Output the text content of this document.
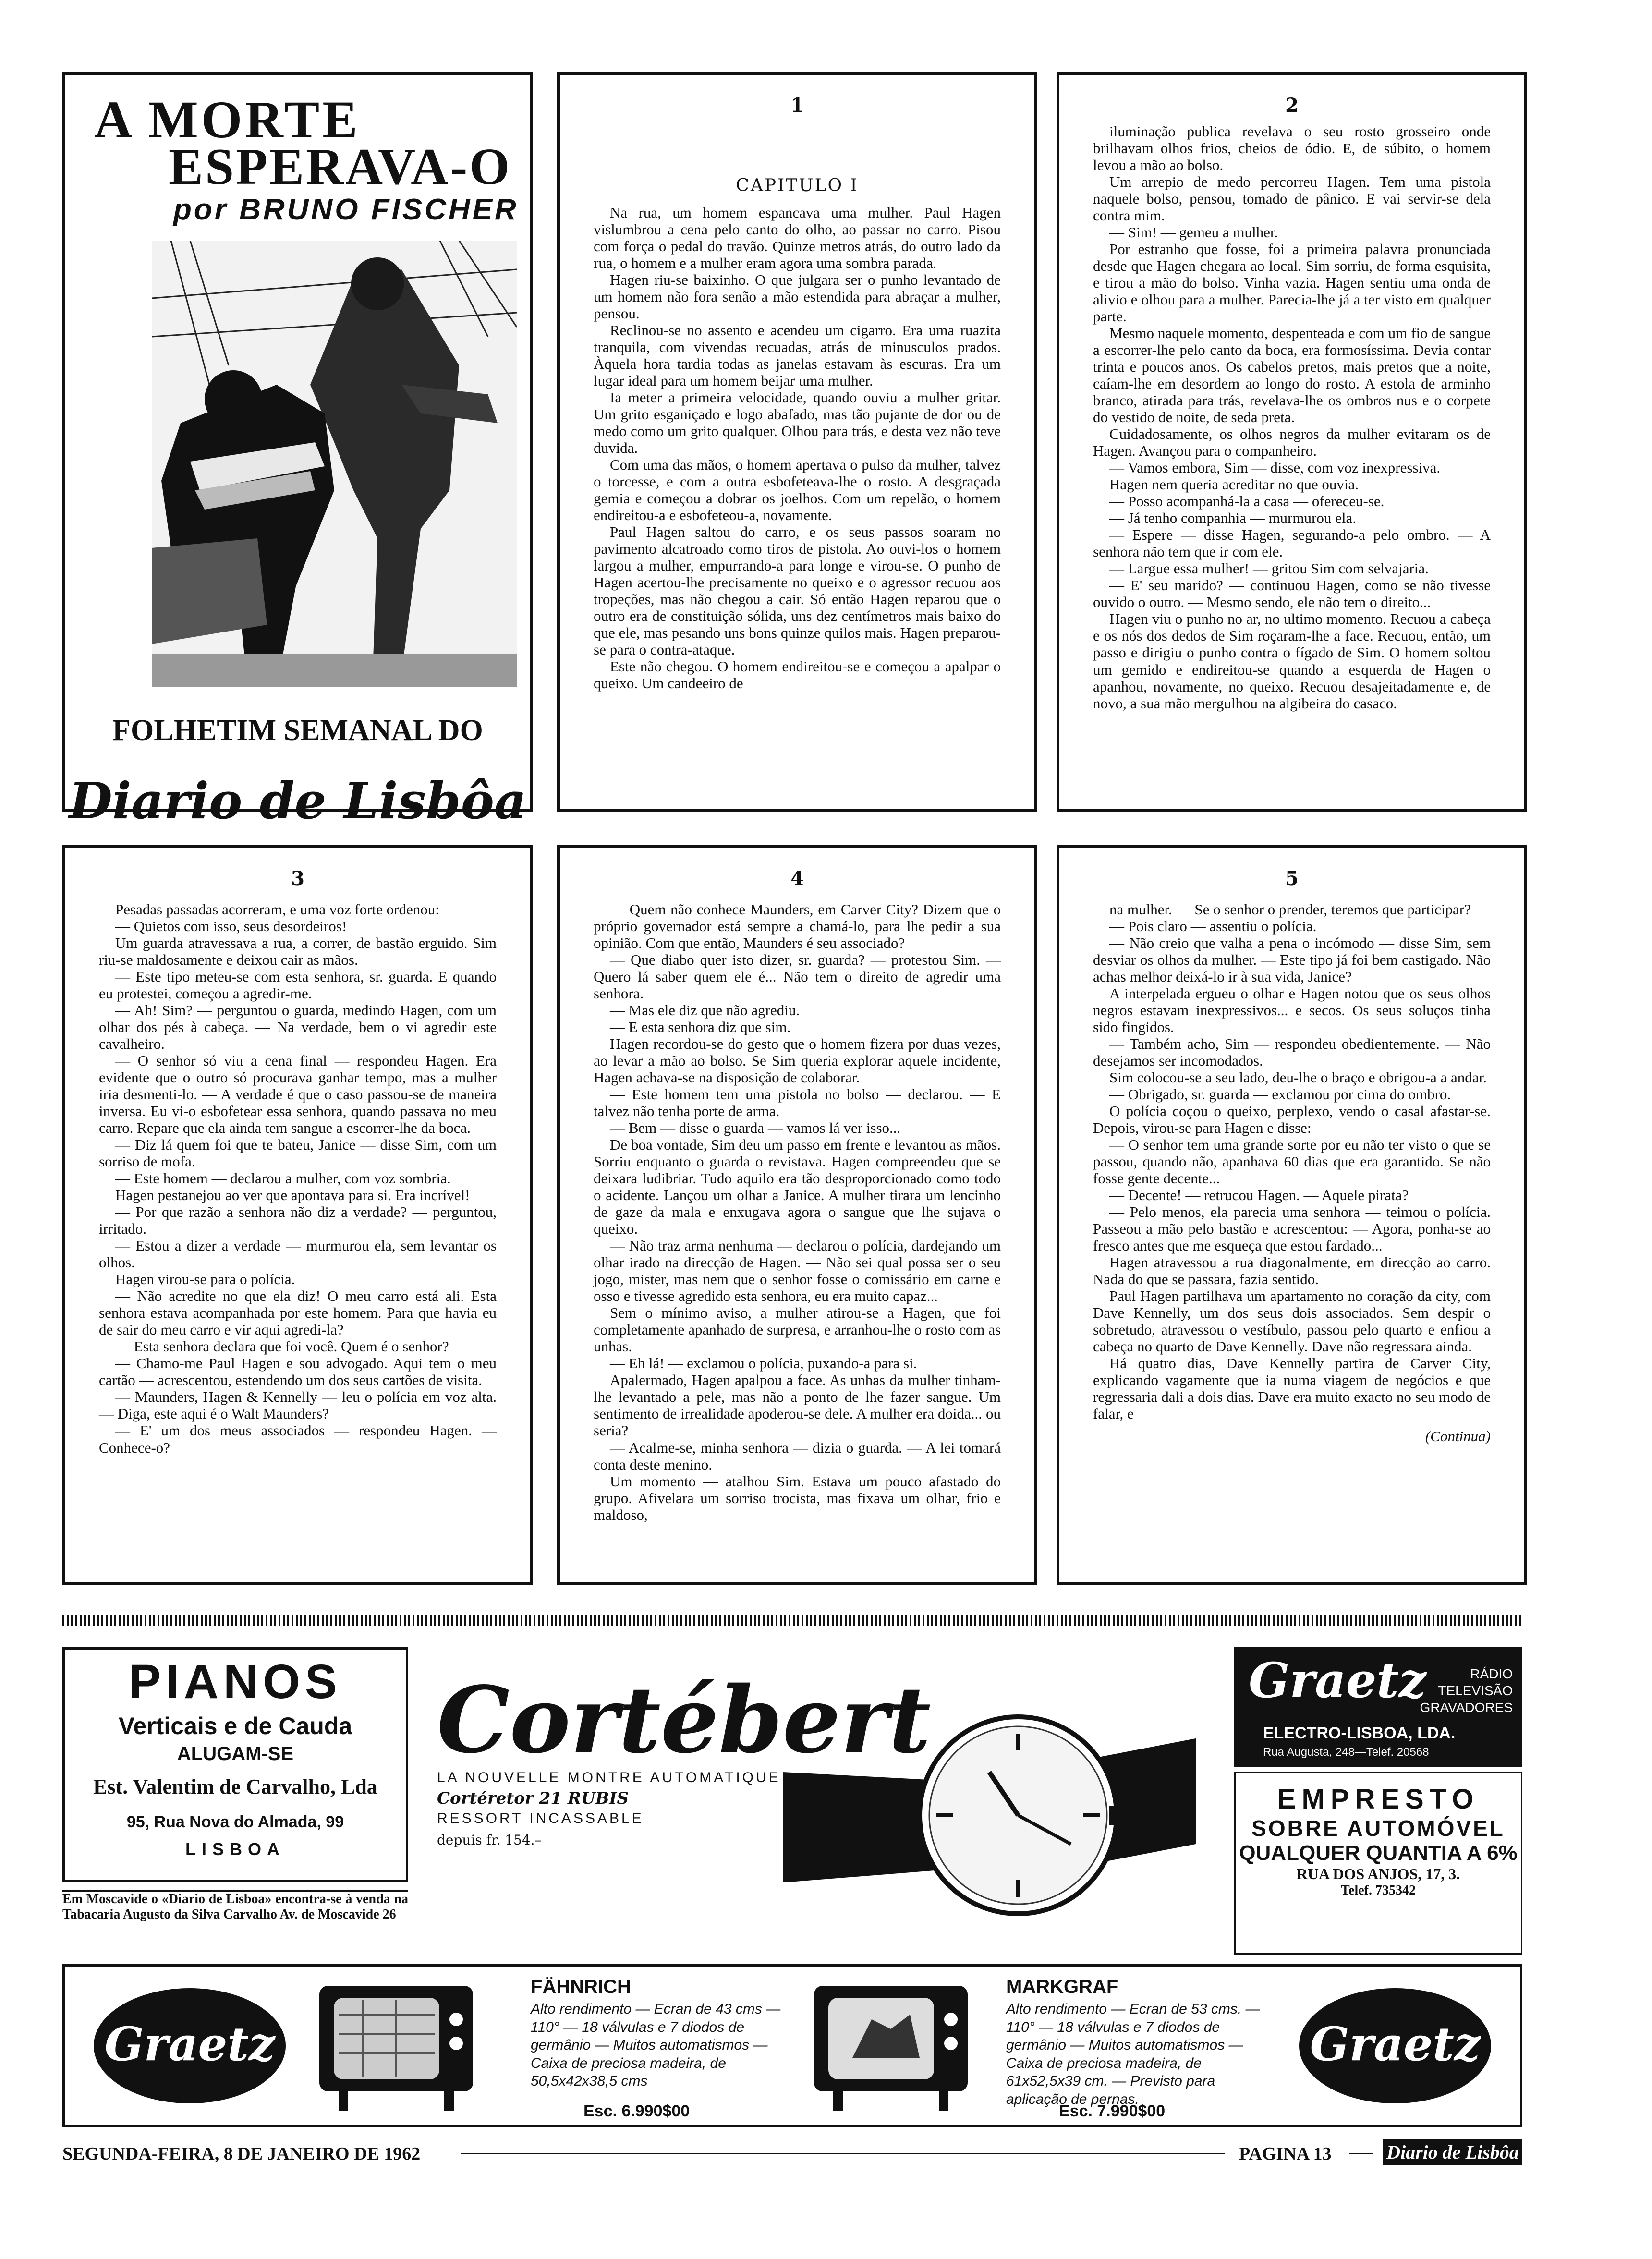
A MORTE
ESPERAVA-O
por BRUNO FISCHER
FOLHETIM SEMANAL DO
Diario de Lisbôa
1
CAPITULO I

Na rua, um homem espancava uma mulher. Paul Hagen vislumbrou a cena pelo canto do olho, ao passar no carro. Pisou com força o pedal do travão. Quinze metros atrás, do outro lado da rua, o homem e a mulher eram agora uma sombra parada.

Hagen riu-se baixinho. O que julgara ser o punho levantado de um homem não fora senão a mão estendida para abraçar a mulher, pensou.

Reclinou-se no assento e acendeu um cigarro. Era uma ruazita tranquila, com vivendas recuadas, atrás de minusculos prados. Àquela hora tardia todas as janelas estavam às escuras. Era um lugar ideal para um homem beijar uma mulher.

Ia meter a primeira velocidade, quando ouviu a mulher gritar. Um grito esganiçado e logo abafado, mas tão pujante de dor ou de medo como um grito qualquer. Olhou para trás, e desta vez não teve duvida.

Com uma das mãos, o homem apertava o pulso da mulher, talvez o torcesse, e com a outra esbofeteava-lhe o rosto. A desgraçada gemia e começou a dobrar os joelhos. Com um repelão, o homem endireitou-a e esbofeteou-a, novamente.

Paul Hagen saltou do carro, e os seus passos soaram no pavimento alcatroado como tiros de pistola. Ao ouvi-los o homem largou a mulher, empurrando-a para longe e virou-se. O punho de Hagen acertou-lhe precisamente no queixo e o agressor recuou aos tropeções, mas não chegou a cair. Só então Hagen reparou que o outro era de constituição sólida, uns dez centímetros mais baixo do que ele, mas pesando uns bons quinze quilos mais. Hagen preparou-se para o contra-ataque.

Este não chegou. O homem endireitou-se e começou a apalpar o queixo. Um candeeiro de

2

iluminação publica revelava o seu rosto grosseiro onde brilhavam olhos frios, cheios de ódio. E, de súbito, o homem levou a mão ao bolso.

Um arrepio de medo percorreu Hagen. Tem uma pistola naquele bolso, pensou, tomado de pânico. E vai servir-se dela contra mim.

— Sim! — gemeu a mulher.

Por estranho que fosse, foi a primeira palavra pronunciada desde que Hagen chegara ao local. Sim sorriu, de forma esquisita, e tirou a mão do bolso. Vinha vazia. Hagen sentiu uma onda de alivio e olhou para a mulher. Parecia-lhe já a ter visto em qualquer parte.

Mesmo naquele momento, despenteada e com um fio de sangue a escorrer-lhe pelo canto da boca, era formosíssima. Devia contar trinta e poucos anos. Os cabelos pretos, mais pretos que a noite, caíam-lhe em desordem ao longo do rosto. A estola de arminho branco, atirada para trás, revelava-lhe os ombros nus e o corpete do vestido de noite, de seda preta.

Cuidadosamente, os olhos negros da mulher evitaram os de Hagen. Avançou para o companheiro.

— Vamos embora, Sim — disse, com voz inexpressiva.

Hagen nem queria acreditar no que ouvia.

— Posso acompanhá-la a casa — ofereceu-se.

— Já tenho companhia — murmurou ela.

— Espere — disse Hagen, segurando-a pelo ombro. — A senhora não tem que ir com ele.

— Largue essa mulher! — gritou Sim com selvajaria.

— E' seu marido? — continuou Hagen, como se não tivesse ouvido o outro. — Mesmo sendo, ele não tem o direito...

Hagen viu o punho no ar, no ultimo momento. Recuou a cabeça e os nós dos dedos de Sim roçaram-lhe a face. Recuou, então, um passo e dirigiu o punho contra o fígado de Sim. O homem soltou um gemido e endireitou-se quando a esquerda de Hagen o apanhou, novamente, no queixo. Recuou desajeitadamente e, de novo, a sua mão mergulhou na algibeira do casaco.

3

Pesadas passadas acorreram, e uma voz forte ordenou:

— Quietos com isso, seus desordeiros!

Um guarda atravessava a rua, a correr, de bastão erguido. Sim riu-se maldosamente e deixou cair as mãos.

— Este tipo meteu-se com esta senhora, sr. guarda. E quando eu protestei, começou a agredir-me.

— Ah! Sim? — perguntou o guarda, medindo Hagen, com um olhar dos pés à cabeça. — Na verdade, bem o vi agredir este cavalheiro.

— O senhor só viu a cena final — respondeu Hagen. Era evidente que o outro só procurava ganhar tempo, mas a mulher iria desmenti-lo. — A verdade é que o caso passou-se de maneira inversa. Eu vi-o esbofetear essa senhora, quando passava no meu carro. Repare que ela ainda tem sangue a escorrer-lhe da boca.

— Diz lá quem foi que te bateu, Janice — disse Sim, com um sorriso de mofa.

— Este homem — declarou a mulher, com voz sombria.

Hagen pestanejou ao ver que apontava para si. Era incrível!

— Por que razão a senhora não diz a verdade? — perguntou, irritado.

— Estou a dizer a verdade — murmurou ela, sem levantar os olhos.

Hagen virou-se para o polícia.

— Não acredite no que ela diz! O meu carro está ali. Esta senhora estava acompanhada por este homem. Para que havia eu de sair do meu carro e vir aqui agredi-la?

— Esta senhora declara que foi você. Quem é o senhor?

— Chamo-me Paul Hagen e sou advogado. Aqui tem o meu cartão — acrescentou, estendendo um dos seus cartões de visita.

— Maunders, Hagen & Kennelly — leu o polícia em voz alta. — Diga, este aqui é o Walt Maunders?

— E' um dos meus associados — respondeu Hagen. — Conhece-o?

4

— Quem não conhece Maunders, em Carver City? Dizem que o próprio governador está sempre a chamá-lo, para lhe pedir a sua opinião. Com que então, Maunders é seu associado?

— Que diabo quer isto dizer, sr. guarda? — protestou Sim. — Quero lá saber quem ele é... Não tem o direito de agredir uma senhora.

— Mas ele diz que não agrediu.

— E esta senhora diz que sim.

Hagen recordou-se do gesto que o homem fizera por duas vezes, ao levar a mão ao bolso. Se Sim queria explorar aquele incidente, Hagen achava-se na disposição de colaborar.

— Este homem tem uma pistola no bolso — declarou. — E talvez não tenha porte de arma.

— Bem — disse o guarda — vamos lá ver isso...

De boa vontade, Sim deu um passo em frente e levantou as mãos. Sorriu enquanto o guarda o revistava. Hagen compreendeu que se deixara ludibriar. Tudo aquilo era tão desproporcionado como todo o acidente. Lançou um olhar a Janice. A mulher tirara um lencinho de gaze da mala e enxugava agora o sangue que lhe sujava o queixo.

— Não traz arma nenhuma — declarou o polícia, dardejando um olhar irado na direcção de Hagen. — Não sei qual possa ser o seu jogo, mister, mas nem que o senhor fosse o comissário em carne e osso e tivesse agredido esta senhora, eu era muito capaz...

Sem o mínimo aviso, a mulher atirou-se a Hagen, que foi completamente apanhado de surpresa, e arranhou-lhe o rosto com as unhas.

— Eh lá! — exclamou o polícia, puxando-a para si.

Apalermado, Hagen apalpou a face. As unhas da mulher tinham-lhe levantado a pele, mas não a ponto de lhe fazer sangue. Um sentimento de irrealidade apoderou-se dele. A mulher era doida... ou seria?

— Acalme-se, minha senhora — dizia o guarda. — A lei tomará conta deste menino.

Um momento — atalhou Sim. Estava um pouco afastado do grupo. Afivelara um sorriso trocista, mas fixava um olhar, frio e maldoso,

5

na mulher. — Se o senhor o prender, teremos que participar?

— Pois claro — assentiu o polícia.

— Não creio que valha a pena o incómodo — disse Sim, sem desviar os olhos da mulher. — Este tipo já foi bem castigado. Não achas melhor deixá-lo ir à sua vida, Janice?

A interpelada ergueu o olhar e Hagen notou que os seus olhos negros estavam inexpressivos... e secos. Os seus soluços tinha sido fingidos.

— Também acho, Sim — respondeu obedientemente. — Não desejamos ser incomodados.

Sim colocou-se a seu lado, deu-lhe o braço e obrigou-a a andar.

— Obrigado, sr. guarda — exclamou por cima do ombro.

O polícia coçou o queixo, perplexo, vendo o casal afastar-se. Depois, virou-se para Hagen e disse:

— O senhor tem uma grande sorte por eu não ter visto o que se passou, quando não, apanhava 60 dias que era garantido. Se não fosse gente decente...

— Decente! — retrucou Hagen. — Aquele pirata?

— Pelo menos, ela parecia uma senhora — teimou o polícia. Passeou a mão pelo bastão e acrescentou: — Agora, ponha-se ao fresco antes que me esqueça que estou fardado...

Hagen atravessou a rua diagonalmente, em direcção ao carro. Nada do que se passara, fazia sentido.

Paul Hagen partilhava um apartamento no coração da city, com Dave Kennelly, um dos seus dois associados. Sem despir o sobretudo, atravessou o vestíbulo, passou pelo quarto e enfiou a cabeça no quarto de Dave Kennelly. Dave não regressara ainda.

Há quatro dias, Dave Kennelly partira de Carver City, explicando vagamente que ia numa viagem de negócios e que regressaria dali a dois dias. Dave era muito exacto no seu modo de falar, e

(Continua)
PIANOS
Verticais e de Cauda
ALUGAM-SE
Est. Valentim de Carvalho, Lda
95, Rua Nova do Almada, 99
LISBOA
Em Moscavide o «Diario de Lisboa» encontra-se à venda na Tabacaria Augusto da Silva Carvalho Av. de Moscavide 26
Cortébert
LA NOUVELLE MONTRE AUTOMATIQUE
Cortéretor 21 RUBIS
RESSORT INCASSABLE
depuis fr. 154.–
1790
Graetz	RÁDIO
TELEVISÃO
GRAVADORES
ELECTRO-LISBOA, LDA.
Rua Augusta, 248—Telef. 20568
EMPRESTO
SOBRE AUTOMÓVEL
QUALQUER QUANTIA A 6%
RUA DOS ANJOS, 17, 3.
Telef. 735342
Graetz
FÄHNRICH
Alto rendimento — Ecran de 43 cms — 110° — 18 válvulas e 7 diodos de germânio — Muitos automatismos — Caixa de preciosa madeira, de 50,5x42x38,5 cms
Esc. 6.990$00
MARKGRAF
Alto rendimento — Ecran de 53 cms. — 110° — 18 válvulas e 7 diodos de germânio — Muitos automatismos — Caixa de preciosa madeira, de 61x52,5x39 cm. — Previsto para aplicação de pernas.
Esc. 7.990$00
Graetz
SEGUNDA-FEIRA, 8 DE JANEIRO DE 1962	PAGINA 13	Diario de Lisbôa
